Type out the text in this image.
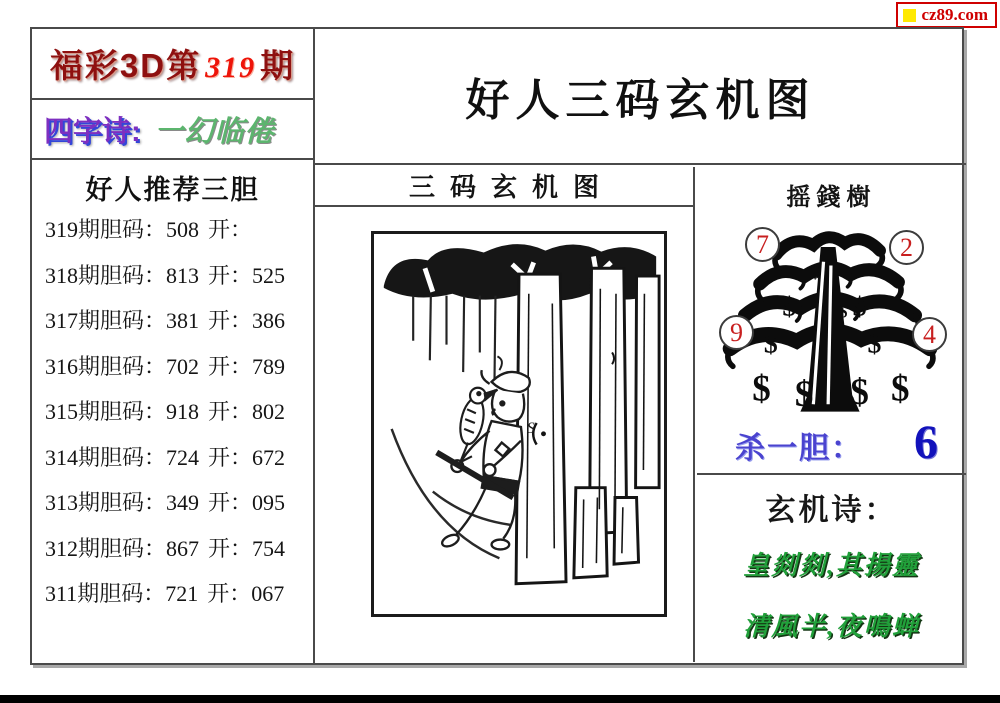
cz89.com
福彩3D第 319 期
四字诗: 一幻临倦
好人推荐三胆
319期胆码：508 开：
318期胆码：813 开：525
317期胆码：381 开：386
316期胆码：702 开：789
315期胆码：918 开：802
314期胆码：724 开：672
313期胆码：349 开：095
312期胆码：867 开：754
311期胆码：721 开：067
好人三码玄机图
三码玄机图
S
摇錢樹
$ $
$	$
$ $ $ $
$
$
7	2
9	4
杀一胆： 6
玄机诗：
皇剡剡,其揚靈
清風半,夜鳴蝉
